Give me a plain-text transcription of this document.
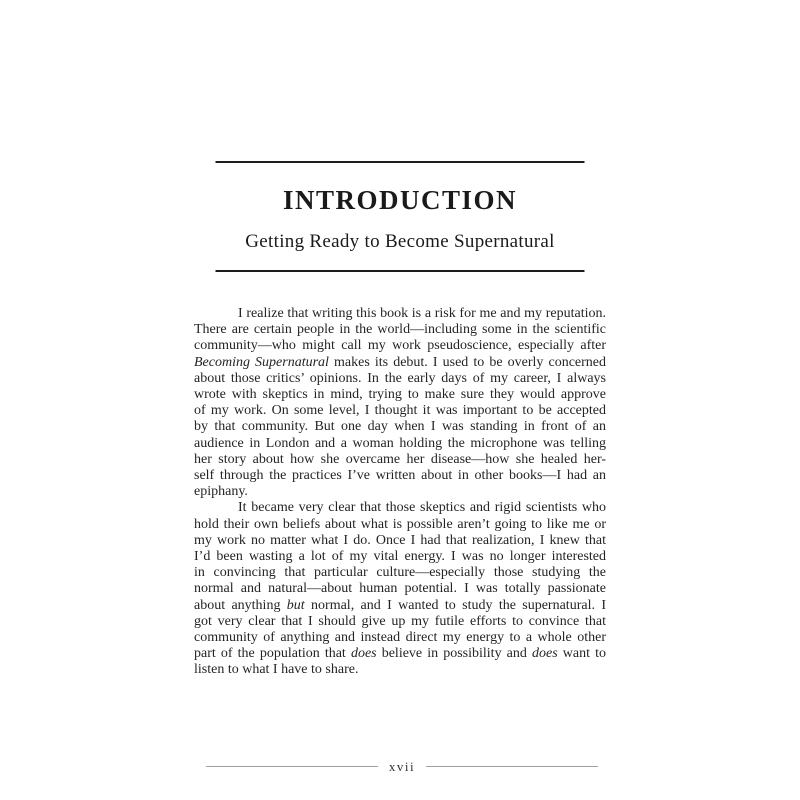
INTRODUCTION
Getting Ready to Become Supernatural
I realize that writing this book is a risk for me and my reputation.
There are certain people in the world—including some in the scientific
community—who might call my work pseudoscience, especially after
Becoming Supernatural makes its debut. I used to be overly concerned
about those critics’ opinions. In the early days of my career, I always
wrote with skeptics in mind, trying to make sure they would approve
of my work. On some level, I thought it was important to be accepted
by that community. But one day when I was standing in front of an
audience in London and a woman holding the microphone was telling
her story about how she overcame her disease—how she healed her-
self through the practices I’ve written about in other books—I had an
epiphany.
It became very clear that those skeptics and rigid scientists who
hold their own beliefs about what is possible aren’t going to like me or
my work no matter what I do. Once I had that realization, I knew that
I’d been wasting a lot of my vital energy. I was no longer interested
in convincing that particular culture—especially those studying the
normal and natural—about human potential. I was totally passionate
about anything but normal, and I wanted to study the supernatural. I
got very clear that I should give up my futile efforts to convince that
community of anything and instead direct my energy to a whole other
part of the population that does believe in possibility and does want to
listen to what I have to share.
xvii
